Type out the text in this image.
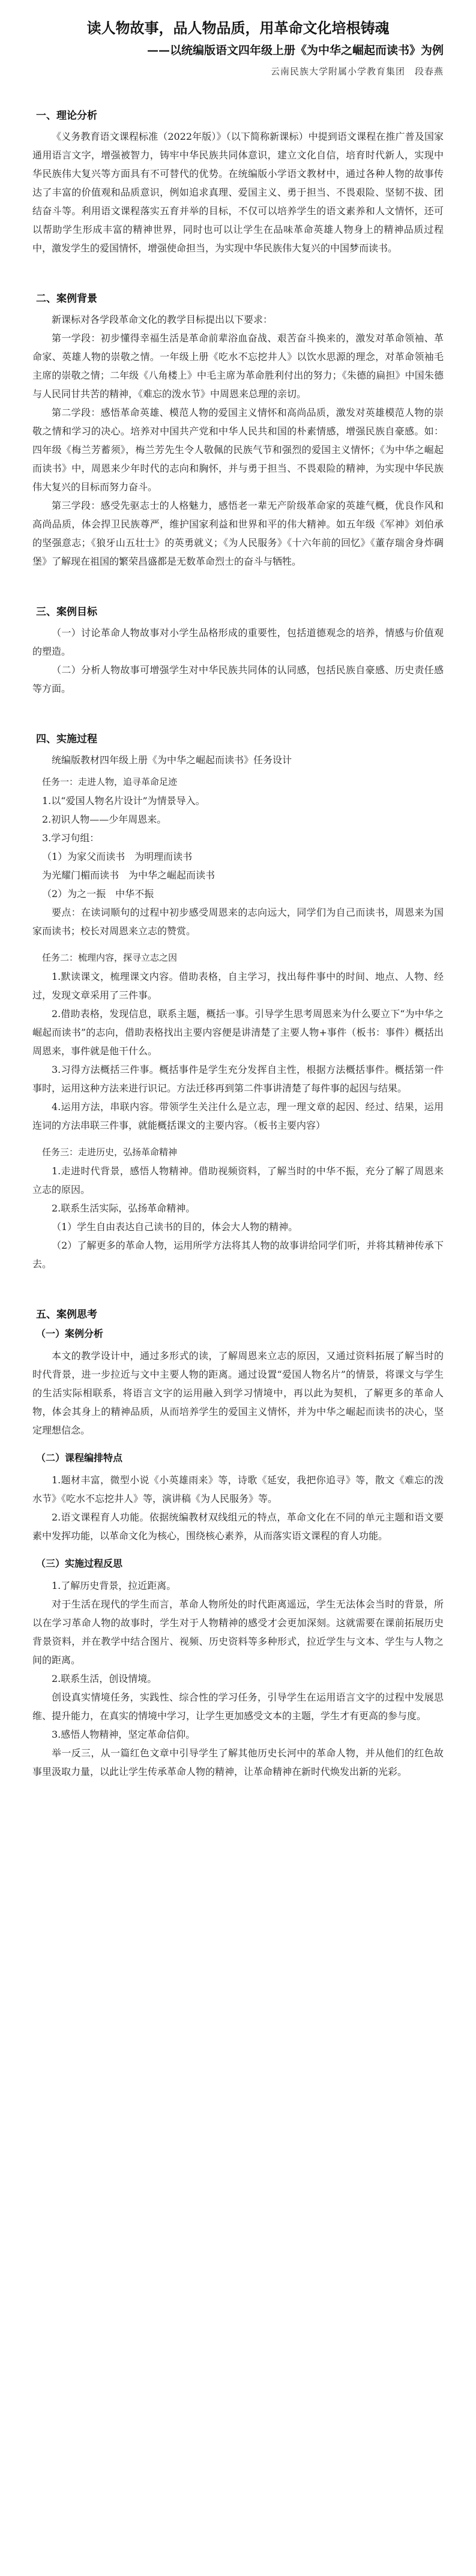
读人物故事，品人物品质，用革命文化培根铸魂
——以统编版语文四年级上册《为中华之崛起而读书》为例
云南民族大学附属小学教育集团　段春燕
一、理论分析

《义务教育语文课程标准（2022年版）》（以下简称新课标）中提到语文课程在推广普及国家通用语言文字，增强被智力，铸牢中华民族共同体意识，建立文化自信，培育时代新人，实现中华民族伟大复兴等方面具有不可替代的优势。在统编版小学语文教材中，通过各种人物的故事传达了丰富的价值观和品质意识，例如追求真理、爱国主义、勇于担当、不畏艰险、坚韧不拔、团结奋斗等。利用语文课程落实五育并举的目标，不仅可以培养学生的语文素养和人文情怀，还可以帮助学生形成丰富的精神世界，同时也可以让学生在品味革命英雄人物身上的精神品质过程中，激发学生的爱国情怀，增强使命担当，为实现中华民族伟大复兴的中国梦而读书。

二、案例背景

新课标对各学段革命文化的教学目标提出以下要求：

第一学段：初步懂得幸福生活是革命前辈浴血奋战、艰苦奋斗换来的，激发对革命领袖、革命家、英雄人物的崇敬之情。一年级上册《吃水不忘挖井人》以饮水思源的理念，对革命领袖毛主席的崇敬之情；二年级《八角楼上》中毛主席为革命胜利付出的努力；《朱德的扁担》中国朱德与人民同甘共苦的精神，《难忘的泼水节》中周恩来总理的亲切。

第二学段：感悟革命英雄、模范人物的爱国主义情怀和高尚品质，激发对英雄模范人物的崇敬之情和学习的决心。培养对中国共产党和中华人民共和国的朴素情感，增强民族自豪感。如：四年级《梅兰芳蓄须》，梅兰芳先生令人敬佩的民族气节和强烈的爱国主义情怀；《为中华之崛起而读书》中，周恩来少年时代的志向和胸怀，并与勇于担当、不畏艰险的精神，为实现中华民族伟大复兴的目标而努力奋斗。

第三学段：感受先驱志士的人格魅力，感悟老一辈无产阶级革命家的英雄气概，优良作风和高尚品质，体会捍卫民族尊严，维护国家利益和世界和平的伟大精神。如五年级《军神》刘伯承的坚强意志；《狼牙山五壮士》的英勇就义；《为人民服务》《十六年前的回忆》《董存瑞舍身炸碉堡》了解现在祖国的繁荣昌盛都是无数革命烈士的奋斗与牺牲。

三、案例目标

（一）讨论革命人物故事对小学生品格形成的重要性，包括道德观念的培养，情感与价值观的塑造。

（二）分析人物故事可增强学生对中华民族共同体的认同感，包括民族自豪感、历史责任感等方面。

四、实施过程

统编版教材四年级上册《为中华之崛起而读书》任务设计

任务一：走进人物，追寻革命足迹

1.以“爱国人物名片设计”为情景导入。

2.初识人物——少年周恩来。

3.学习句组：

（1）为家父而读书　为明理而读书

为光耀门楣而读书　为中华之崛起而读书

（2）为之一振　中华不振

要点：在读词顺句的过程中初步感受周恩来的志向远大，同学们为自己而读书，周恩来为国家而读书；校长对周恩来立志的赞赏。

任务二：梳理内容，探寻立志之因

1.默读课文，梳理课文内容。借助表格，自主学习，找出每件事中的时间、地点、人物、经过，发现文章采用了三件事。

2.借助表格，发现信息，联系主题，概括一事。引导学生思考周恩来为什么要立下“为中华之崛起而读书”的志向，借助表格找出主要内容便是讲清楚了主要人物+事件（板书：事件）概括出周恩来，事件就是他干什么。

3.习得方法概括三件事。概括事件是学生充分发挥自主性，根据方法概括事件。概括第一件事时，运用这种方法来进行识记。方法迁移再到第二件事讲清楚了每件事的起因与结果。

4.运用方法，串联内容。带领学生关注什么是立志，理一理文章的起因、经过、结果，运用连词的方法串联三件事，就能概括课文的主要内容。（板书主要内容）

任务三：走进历史，弘扬革命精神

1.走进时代背景，感悟人物精神。借助视频资料，了解当时的中华不振，充分了解了周恩来立志的原因。

2.联系生活实际，弘扬革命精神。

（1）学生自由表达自己读书的目的，体会大人物的精神。

（2）了解更多的革命人物，运用所学方法将其人物的故事讲给同学们听，并将其精神传承下去。

五、案例思考
（一）案例分析

本文的教学设计中，通过多形式的读，了解周恩来立志的原因，又通过资料拓展了解当时的时代背景，进一步拉近与文中主要人物的距离。通过设置“爱国人物名片”的情景，将课文与学生的生活实际相联系，将语言文字的运用融入到学习情境中，再以此为契机，了解更多的革命人物，体会其身上的精神品质，从而培养学生的爱国主义情怀，并为中华之崛起而读书的决心，坚定理想信念。

（二）课程编排特点

1.题材丰富，微型小说《小英雄雨来》等，诗歌《延安，我把你追寻》等，散文《难忘的泼水节》《吃水不忘挖井人》等，演讲稿《为人民服务》等。

2.语文课程育人功能。依据统编教材双线组元的特点，革命文化在不同的单元主题和语文要素中发挥功能，以革命文化为核心，围绕核心素养，从而落实语文课程的育人功能。

（三）实施过程反思

1.了解历史背景，拉近距离。

对于生活在现代的学生而言，革命人物所处的时代距离遥远，学生无法体会当时的背景，所以在学习革命人物的故事时，学生对于人物精神的感受才会更加深刻。这就需要在课前拓展历史背景资料，并在教学中结合图片、视频、历史资料等多种形式，拉近学生与文本、学生与人物之间的距离。

2.联系生活，创设情境。

创设真实情境任务，实践性、综合性的学习任务，引导学生在运用语言文字的过程中发展思维、提升能力，在真实的情境中学习，让学生更加感受文本的主题，学生才有更高的参与度。

3.感悟人物精神，坚定革命信仰。

举一反三，从一篇红色文章中引导学生了解其他历史长河中的革命人物，并从他们的红色故事里汲取力量，以此让学生传承革命人物的精神，让革命精神在新时代焕发出新的光彩。
